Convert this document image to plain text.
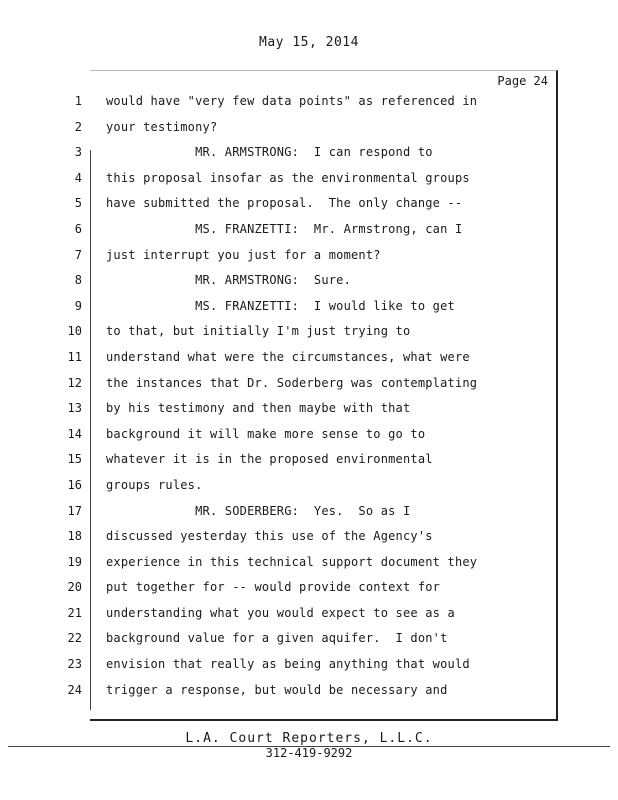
May 15, 2014
Page 24
1 would have "very few data points" as referenced in
2 your testimony?
3 MR. ARMSTRONG:  I can respond to
4 this proposal insofar as the environmental groups
5 have submitted the proposal.  The only change --
6 MS. FRANZETTI:  Mr. Armstrong, can I
7 just interrupt you just for a moment?
8 MR. ARMSTRONG:  Sure.
9 MS. FRANZETTI:  I would like to get
10 to that, but initially I'm just trying to
11 understand what were the circumstances, what were
12 the instances that Dr. Soderberg was contemplating
13 by his testimony and then maybe with that
14 background it will make more sense to go to
15 whatever it is in the proposed environmental
16 groups rules.
17 MR. SODERBERG:  Yes.  So as I
18 discussed yesterday this use of the Agency's
19 experience in this technical support document they
20 put together for -- would provide context for
21 understanding what you would expect to see as a
22 background value for a given aquifer.  I don't
23 envision that really as being anything that would
24 trigger a response, but would be necessary and
L.A. Court Reporters, L.L.C.
312-419-9292
